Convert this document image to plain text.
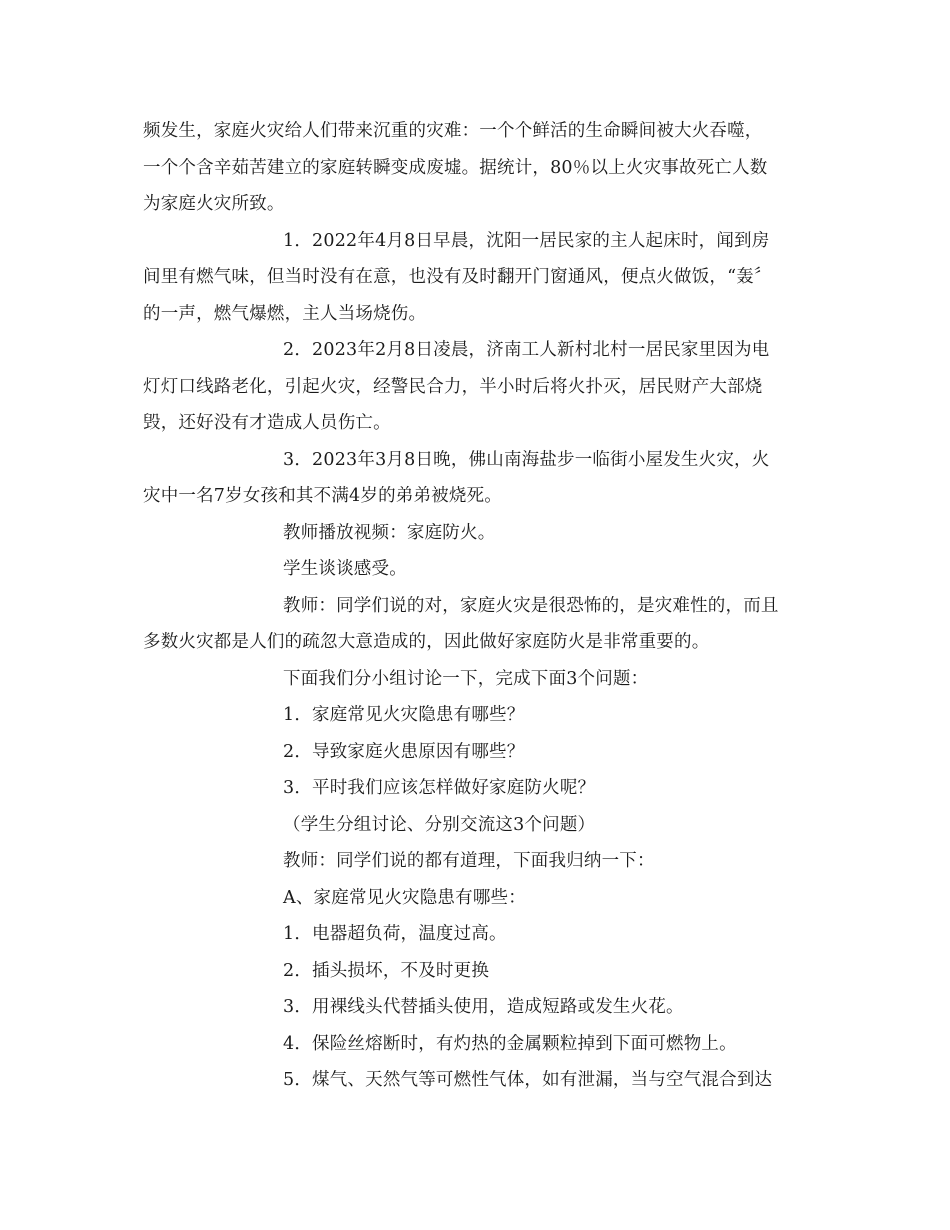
频发生，家庭火灾给人们带来沉重的灾难：一个个鲜活的生命瞬间被大火吞噬，
一个个含辛茹苦建立的家庭转瞬变成废墟。据统计，80％以上火灾事故死亡人数
为家庭火灾所致。
1．2022年4月8日早晨，沈阳一居民家的主人起床时，闻到房
间里有燃气味，但当时没有在意，也没有及时翻开门窗通风，便点火做饭，“轰〞
的一声，燃气爆燃，主人当场烧伤。
2．2023年2月8日凌晨，济南工人新村北村一居民家里因为电
灯灯口线路老化，引起火灾，经警民合力，半小时后将火扑灭，居民财产大部烧
毁，还好没有才造成人员伤亡。
3．2023年3月8日晚，佛山南海盐步一临街小屋发生火灾，火
灾中一名7岁女孩和其不满4岁的弟弟被烧死。
教师播放视频：家庭防火。
学生谈谈感受。
教师：同学们说的对，家庭火灾是很恐怖的，是灾难性的，而且
多数火灾都是人们的疏忽大意造成的，因此做好家庭防火是非常重要的。
下面我们分小组讨论一下，完成下面3个问题：
1．家庭常见火灾隐患有哪些？
2．导致家庭火患原因有哪些？
3．平时我们应该怎样做好家庭防火呢？
（学生分组讨论、分别交流这3个问题）
教师：同学们说的都有道理，下面我归纳一下：
A、家庭常见火灾隐患有哪些：
1．电器超负荷，温度过高。
2．插头损坏，不及时更换
3．用裸线头代替插头使用，造成短路或发生火花。
4．保险丝熔断时，有灼热的金属颗粒掉到下面可燃物上。
5．煤气、天然气等可燃性气体，如有泄漏，当与空气混合到达
